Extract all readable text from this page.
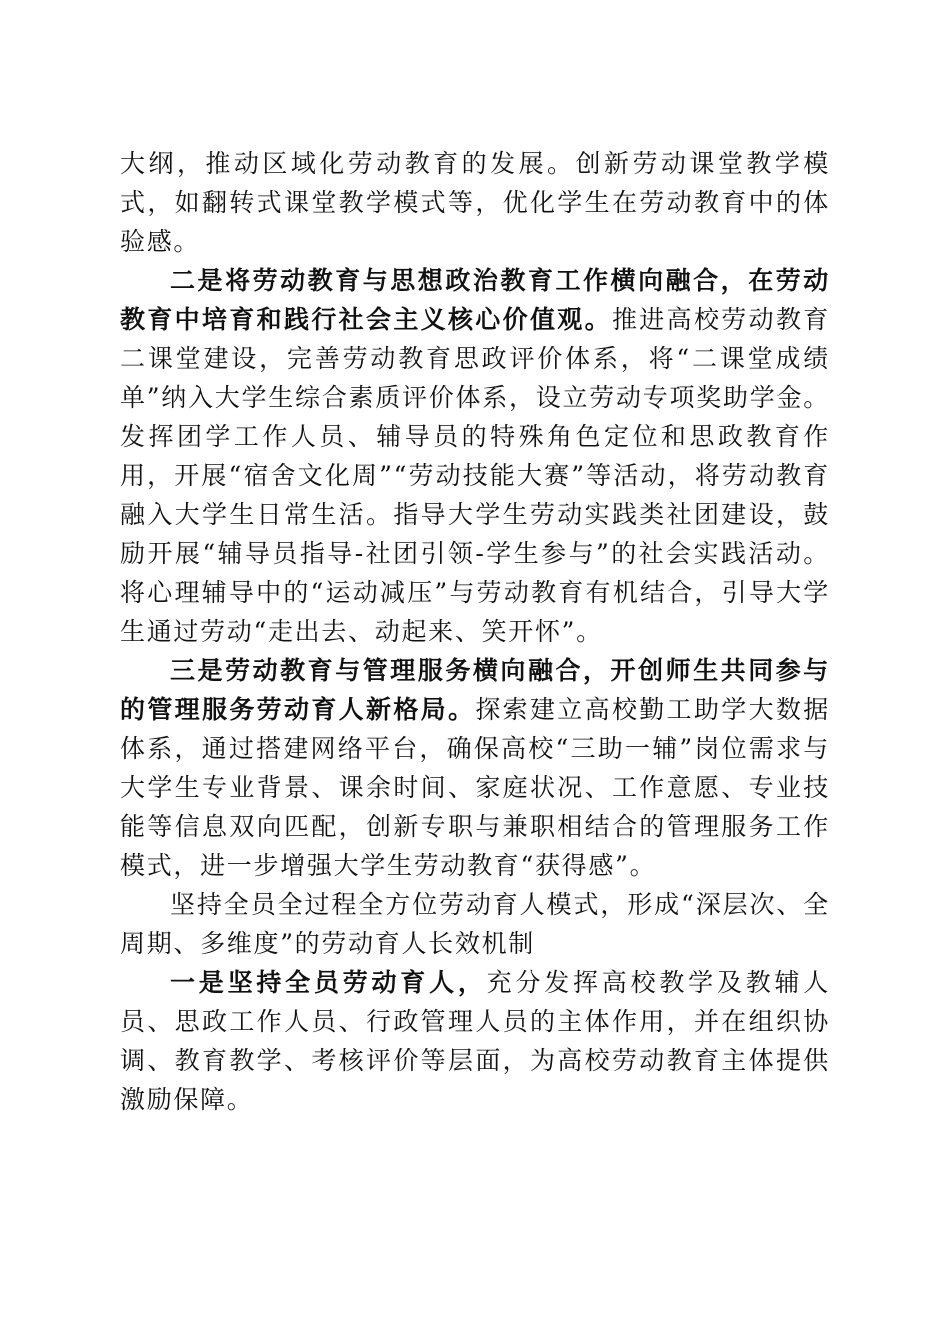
大纲，推动区域化劳动教育的发展。创新劳动课堂教学模式，如翻转式课堂教学模式等，优化学生在劳动教育中的体验感。

二是将劳动教育与思想政治教育工作横向融合，在劳动教育中培育和践行社会主义核心价值观。推进高校劳动教育二课堂建设，完善劳动教育思政评价体系，将“二课堂成绩单”纳入大学生综合素质评价体系，设立劳动专项奖助学金。发挥团学工作人员、辅导员的特殊角色定位和思政教育作用，开展“宿舍文化周”“劳动技能大赛”等活动，将劳动教育融入大学生日常生活。指导大学生劳动实践类社团建设，鼓励开展“辅导员指导-社团引领-学生参与”的社会实践活动。将心理辅导中的“运动减压”与劳动教育有机结合，引导大学生通过劳动“走出去、动起来、笑开怀”。

三是劳动教育与管理服务横向融合，开创师生共同参与的管理服务劳动育人新格局。探索建立高校勤工助学大数据体系，通过搭建网络平台，确保高校“三助一辅”岗位需求与大学生专业背景、课余时间、家庭状况、工作意愿、专业技能等信息双向匹配，创新专职与兼职相结合的管理服务工作模式，进一步增强大学生劳动教育“获得感”。

坚持全员全过程全方位劳动育人模式，形成“深层次、全周期、多维度”的劳动育人长效机制

一是坚持全员劳动育人，充分发挥高校教学及教辅人员、思政工作人员、行政管理人员的主体作用，并在组织协调、教育教学、考核评价等层面，为高校劳动教育主体提供激励保障。
